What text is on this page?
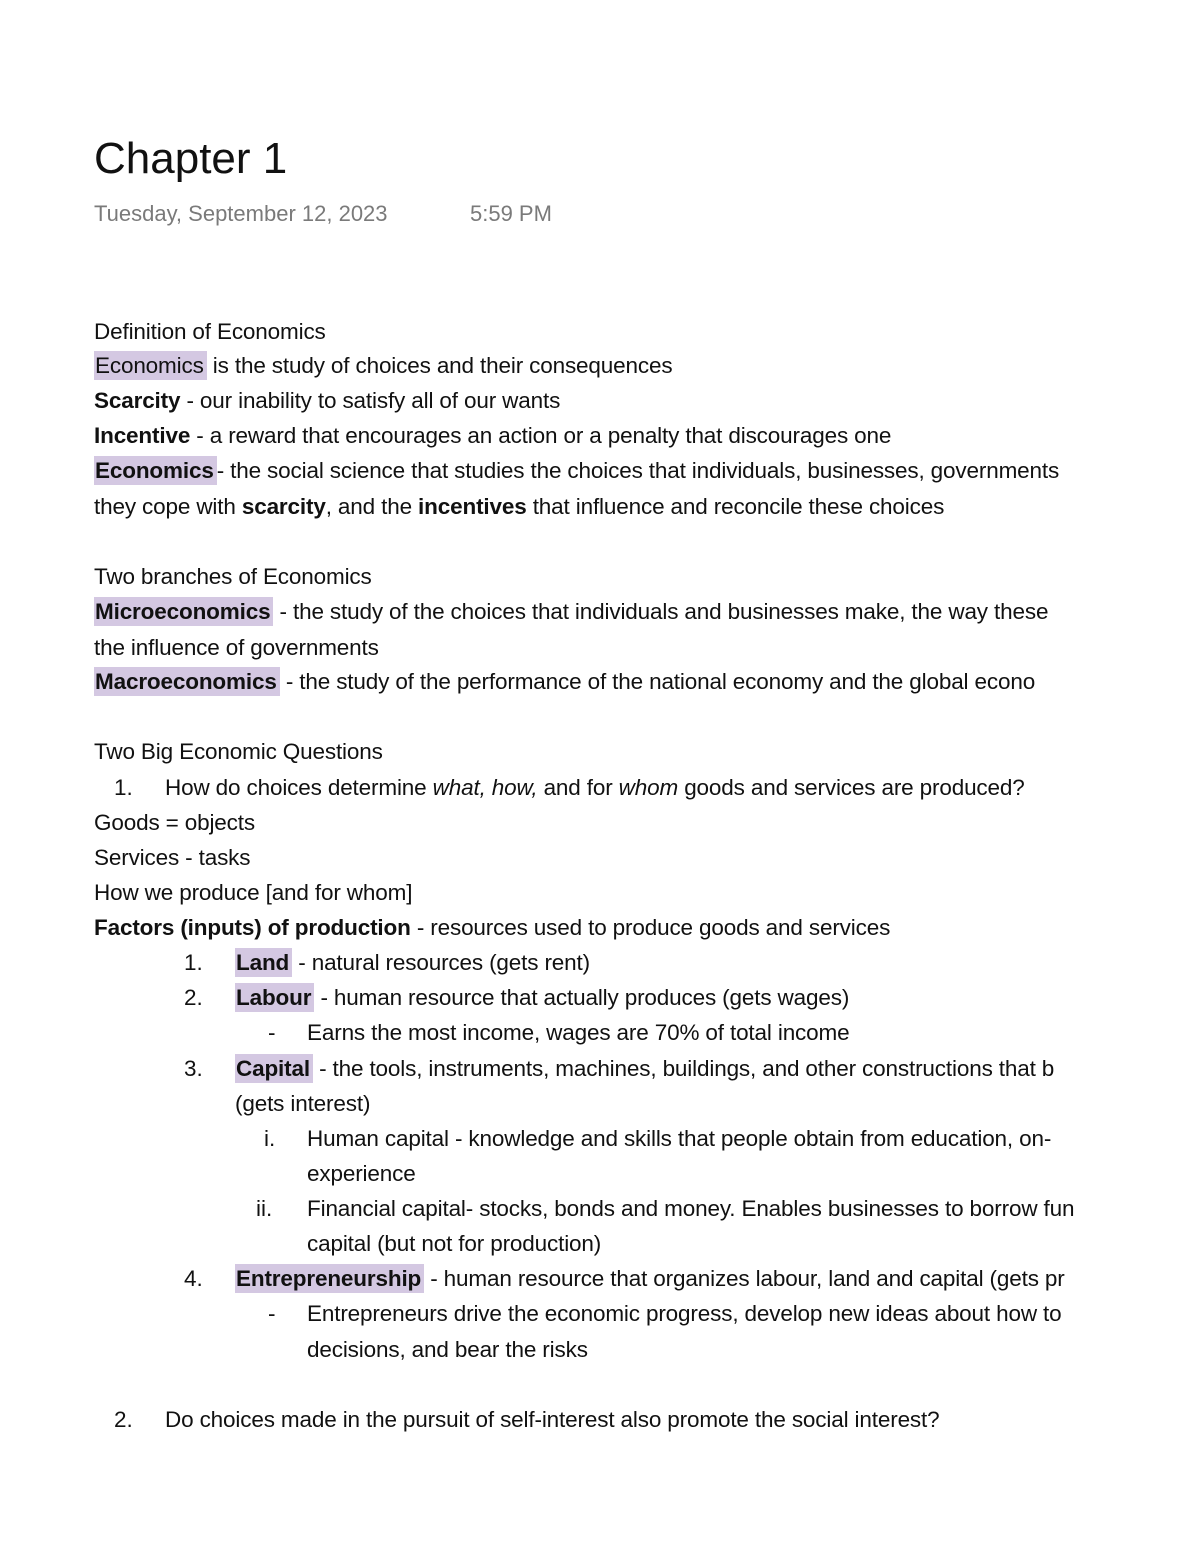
Chapter 1
Tuesday, September 12, 2023	5:59 PM
Definition of Economics
Economics is the study of choices and their consequences
Scarcity - our inability to satisfy all of our wants
Incentive - a reward that encourages an action or a penalty that discourages one
Economics - the social science that studies the choices that individuals, businesses, governments
they cope with scarcity, and the incentives that influence and reconcile these choices
Two branches of Economics
Microeconomics - the study of the choices that individuals and businesses make, the way these
the influence of governments
Macroeconomics - the study of the performance of the national economy and the global econo
Two Big Economic Questions
1. How do choices determine what, how, and for whom goods and services are produced?
Goods = objects
Services - tasks
How we produce [and for whom]
Factors (inputs) of production - resources used to produce goods and services
1. Land - natural resources (gets rent)
2. Labour - human resource that actually produces (gets wages)
- Earns the most income, wages are 70% of total income
3. Capital - the tools, instruments, machines, buildings, and other constructions that b
(gets interest)
i. Human capital - knowledge and skills that people obtain from education, on-
experience
ii. Financial capital- stocks, bonds and money. Enables businesses to borrow fun
capital (but not for production)
4. Entrepreneurship - human resource that organizes labour, land and capital (gets pr
- Entrepreneurs drive the economic progress, develop new ideas about how to
decisions, and bear the risks
2. Do choices made in the pursuit of self-interest also promote the social interest?
